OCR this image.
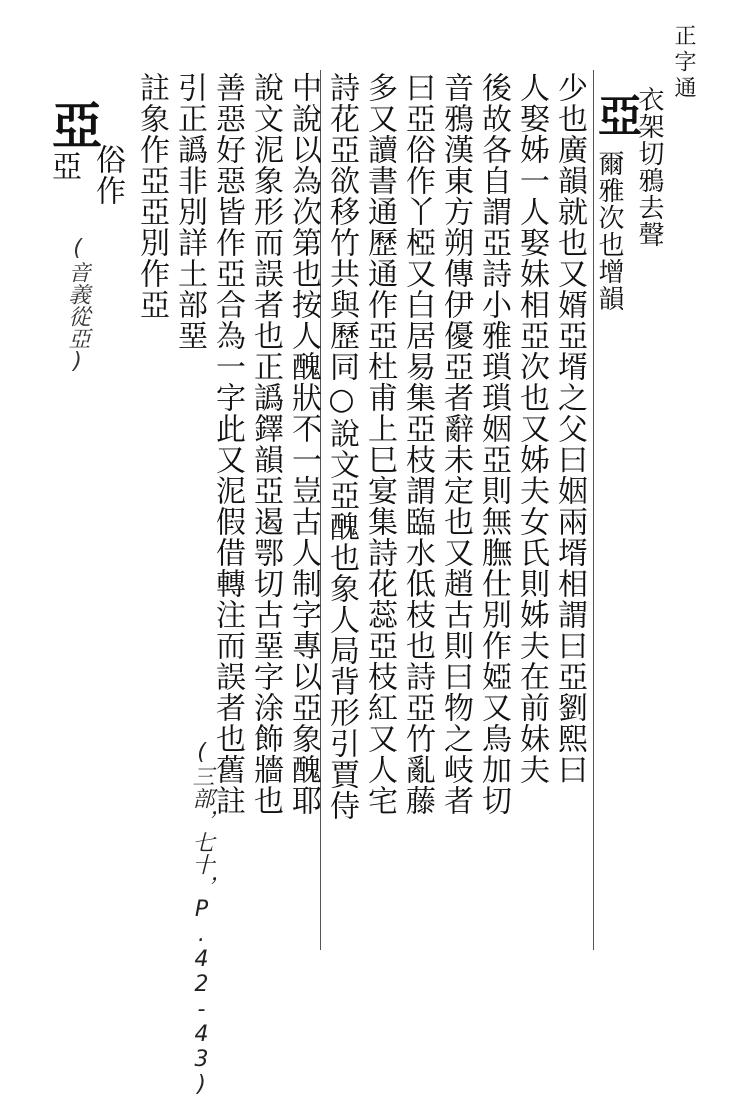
正字通
亞
衣架切鴉去聲
爾雅次也增韻
少也廣韻就也又婿亞壻之父曰姻兩壻相謂曰亞劉熙曰
人娶姊一人娶妹相亞次也又姊夫女氏則姊夫在前妹夫
後故各自謂亞詩小雅瑣瑣姻亞則無膴仕別作婭又鳥加切
音鴉漢東方朔傳伊優亞者辭未定也又趙古則曰物之岐者
曰亞俗作丫椏又白居易集亞枝謂臨水低枝也詩亞竹亂藤
多又讀書通歷通作亞杜甫上巳宴集詩花蕊亞枝紅又人宅
詩花亞欲移竹共與歷同○說文亞醜也象人局背形引賈侍
中說以為次第也按人醜狀不一豈古人制字專以亞象醜耶
說文泥象形而誤者也正譌鐸韻亞遏鄂切古堊字涂飾牆也
善惡好惡皆作亞合為一字此又泥假借轉注而誤者也舊註
引正譌非別詳土部堊
註象作亞亞別作亞
亞
亞 俗作
(音義從亞)
(三部，七十，P.42-43)
